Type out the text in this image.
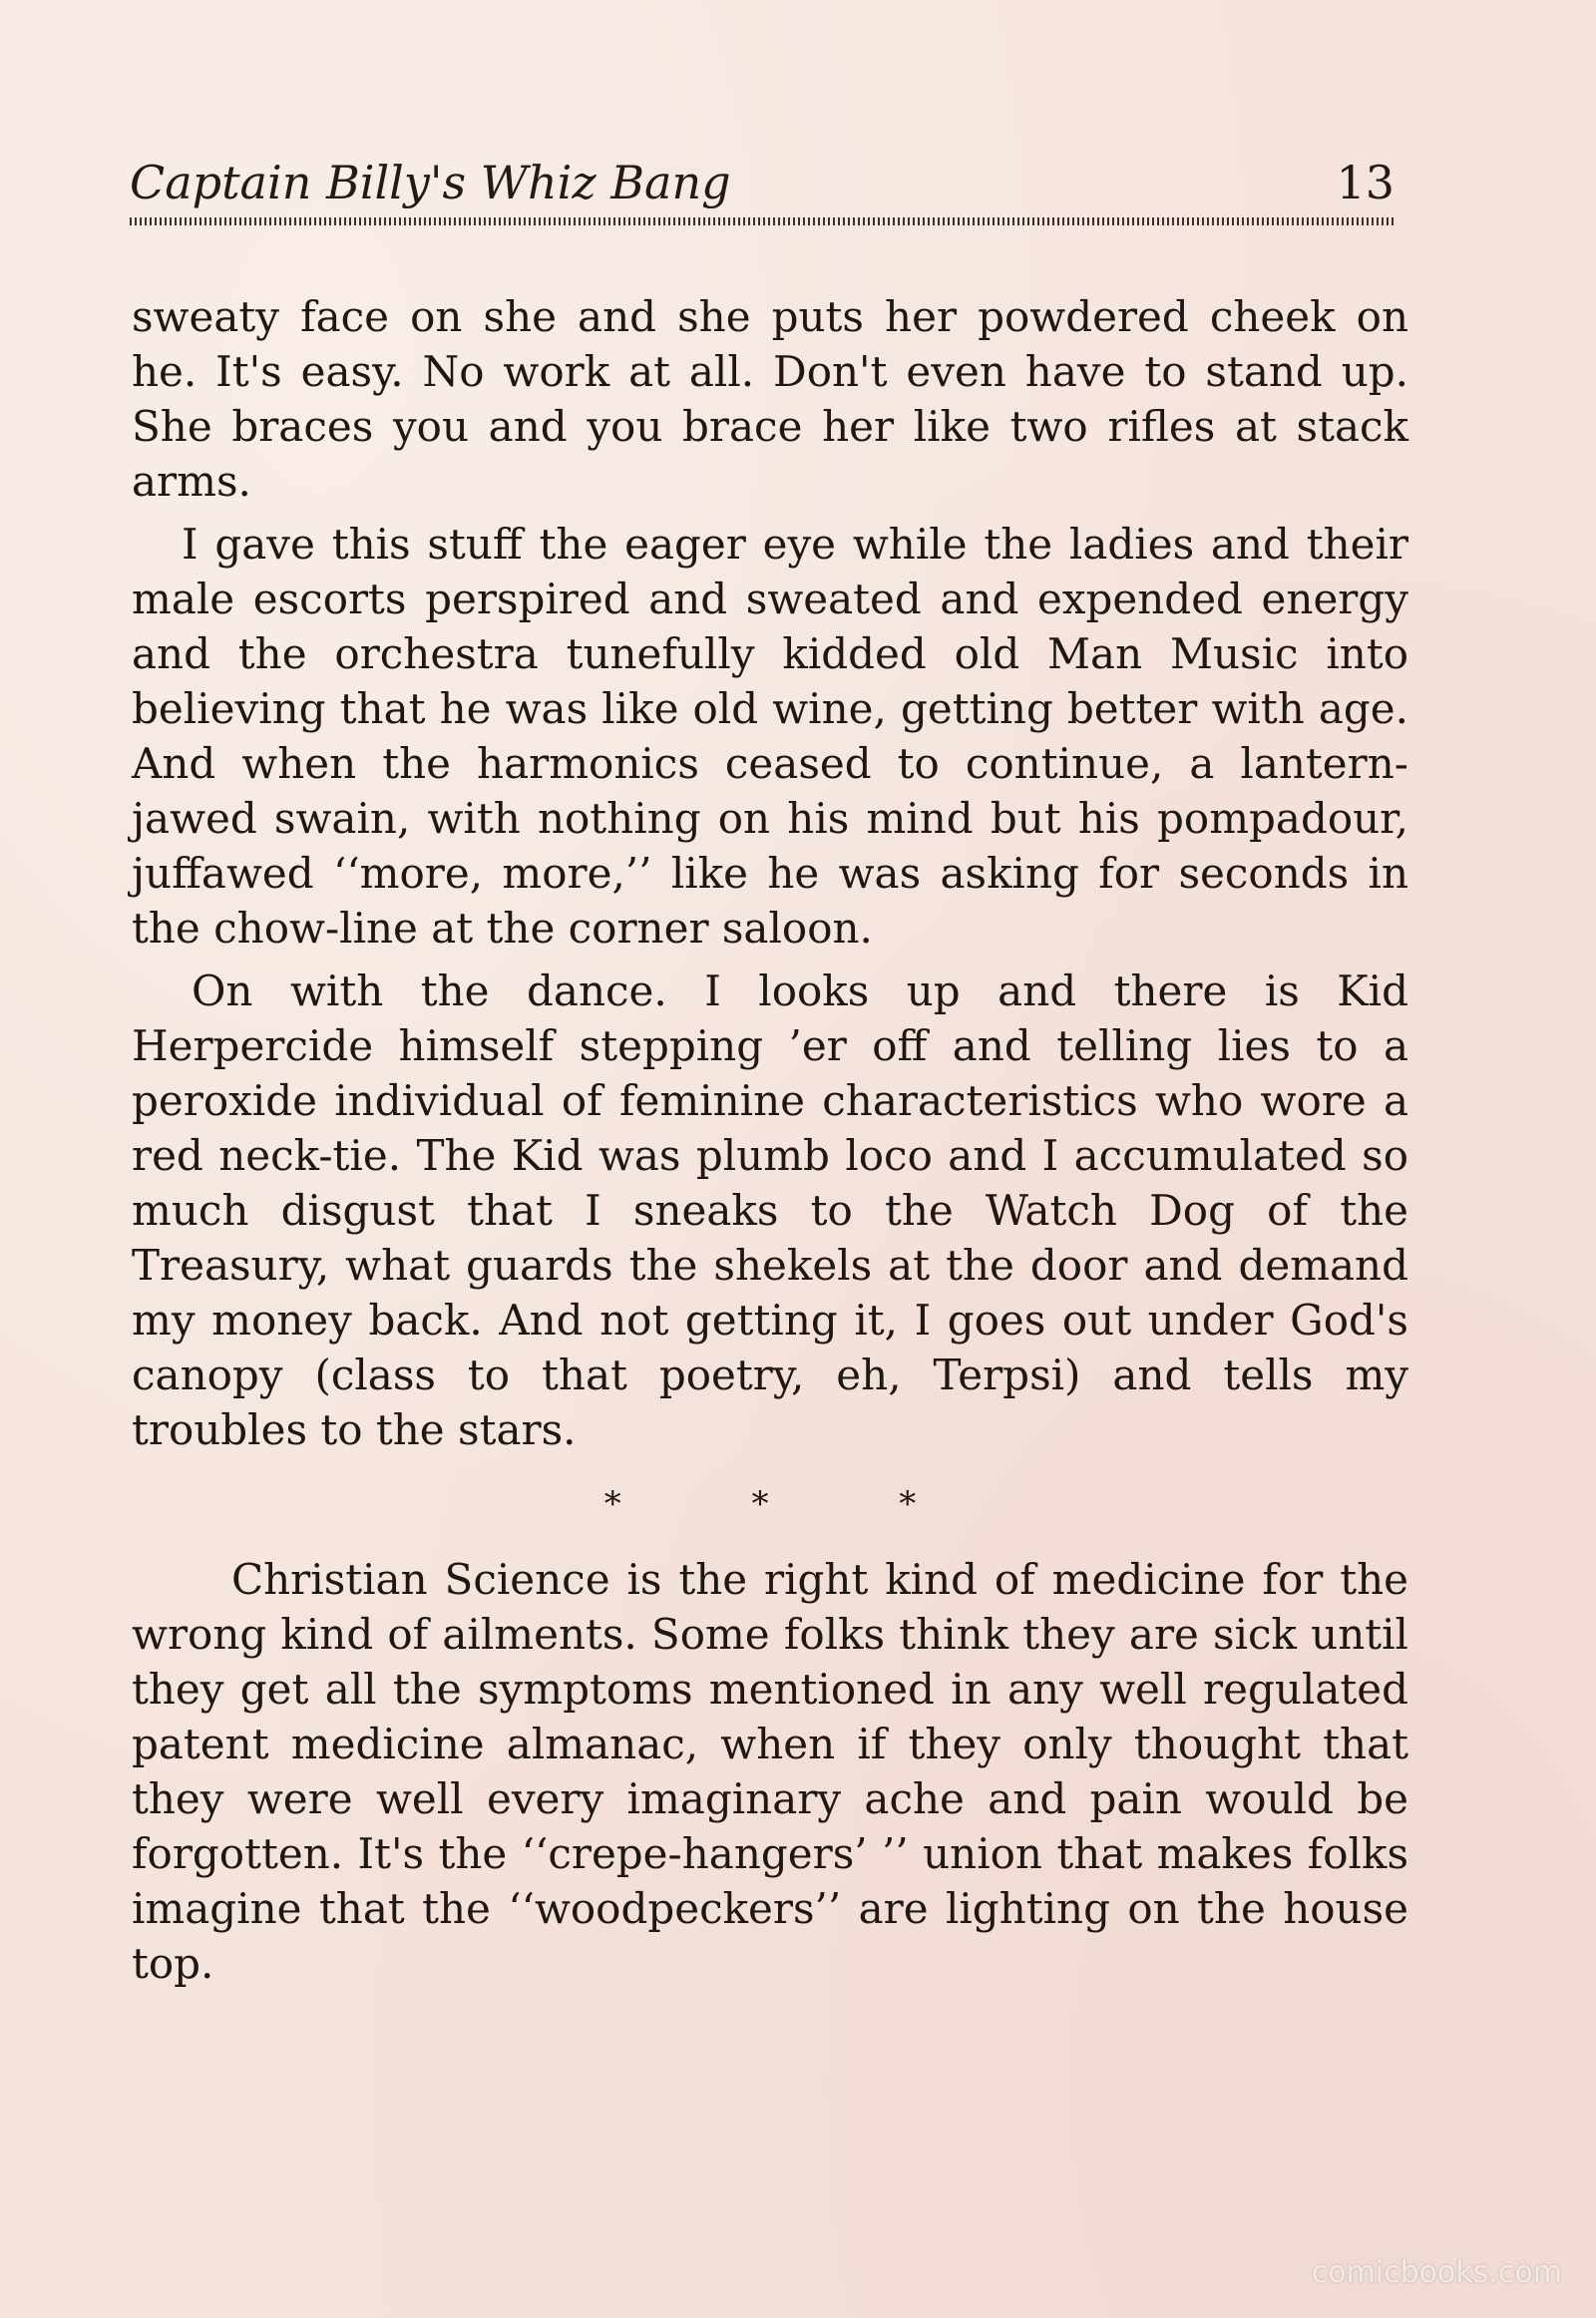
Captain Billy's Whiz Bang	13

sweaty face on she and she puts her powdered cheek on he. It's easy. No work at all. Don't even have to stand up. She braces you and you brace her like two rifles at stack arms.

I gave this stuff the eager eye while the ladies and their male escorts perspired and sweated and expended energy and the orchestra tunefully kidded old Man Music into believing that he was like old wine, getting better with age. And when the harmonics ceased to continue, a lantern-jawed swain, with nothing on his mind but his pompadour, juffawed ‘‘more, more,’’ like he was asking for seconds in the chow-line at the corner saloon.

On with the dance. I looks up and there is Kid Herpercide himself stepping ’er off and telling lies to a peroxide individual of feminine characteristics who wore a red neck-tie. The Kid was plumb loco and I accumulated so much disgust that I sneaks to the Watch Dog of the Treasury, what guards the shekels at the door and demand my money back. And not getting it, I goes out under God's canopy (class to that poetry, eh, Terpsi) and tells my troubles to the stars.

* * *

Christian Science is the right kind of medicine for the wrong kind of ailments. Some folks think they are sick until they get all the symptoms mentioned in any well regulated patent medicine almanac, when if they only thought that they were well every imaginary ache and pain would be forgotten. It's the ‘‘crepe-hangers’ ’’ union that makes folks imagine that the ‘‘woodpeckers’’ are lighting on the house top.

comicbooks.com
